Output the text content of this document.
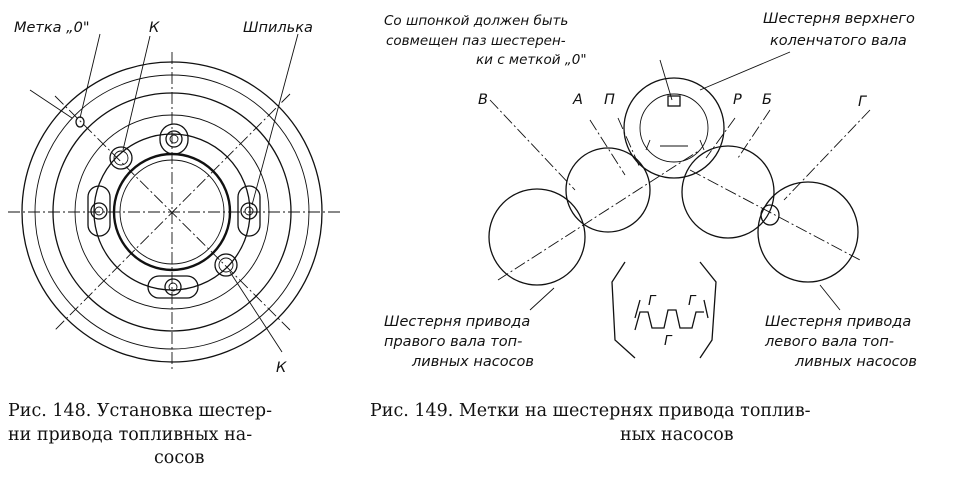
Метка „0"	К	Шпилька
К
Рис. 148. Установка шестер-
ни привода топливных на-
сосов
Со шпонкой должен быть
совмещен паз шестерен-
ки с меткой „0"
Шестерня верхнего
коленчатого вала
В	А П	Р Б	Г
Г Г
Г
Шестерня привода
правого вала топ-
ливных насосов
Шестерня привода
левого вала топ-
ливных насосов
Рис. 149. Метки на шестернях привода топлив-
ных насосов
